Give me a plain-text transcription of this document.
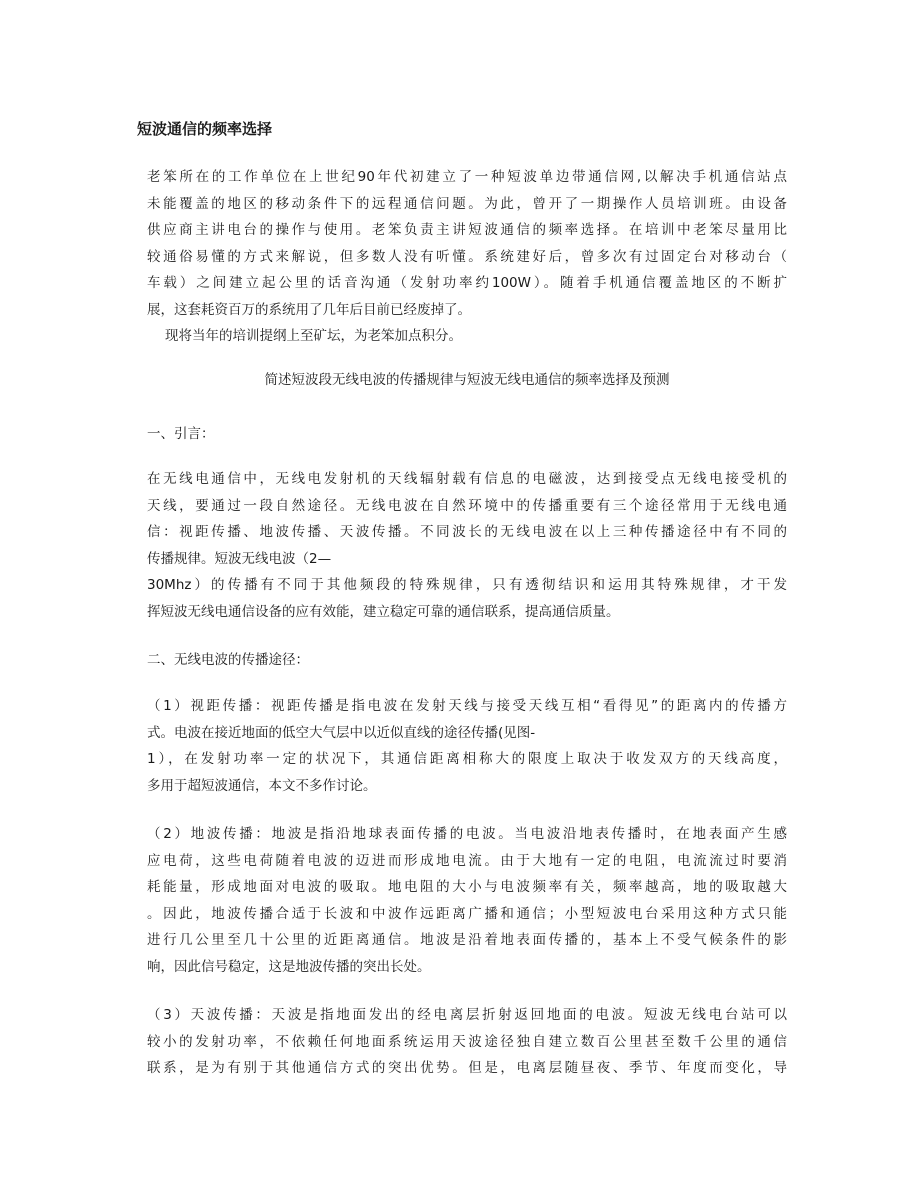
短波通信的频率选择
老笨所在的工作单位在上世纪90年代初建立了一种短波单边带通信网,以解决手机通信站点
未能覆盖的地区的移动条件下的远程通信问题。为此，曾开了一期操作人员培训班。由设备
供应商主讲电台的操作与使用。老笨负责主讲短波通信的频率选择。在培训中老笨尽量用比
较通俗易懂的方式来解说，但多数人没有听懂。系统建好后，曾多次有过固定台对移动台（
车载）之间建立起公里的话音沟通（发射功率约100W）。随着手机通信覆盖地区的不断扩
展，这套耗资百万的系统用了几年后目前已经废掉了。
现将当年的培训提纲上至矿坛，为老笨加点积分。

简述短波段无线电波的传播规律与短波无线电通信的频率选择及预测

一、引言：

在无线电通信中，无线电发射机的天线辐射载有信息的电磁波，达到接受点无线电接受机的
天线，要通过一段自然途径。无线电波在自然环境中的传播重要有三个途径常用于无线电通
信：视距传播、地波传播、天波传播。不同波长的无线电波在以上三种传播途径中有不同的
传播规律。短波无线电波（2—
30Mhz）的传播有不同于其他频段的特殊规律，只有透彻结识和运用其特殊规律，才干发
挥短波无线电通信设备的应有效能，建立稳定可靠的通信联系，提高通信质量。

二、无线电波的传播途径：

（1）视距传播：视距传播是指电波在发射天线与接受天线互相“看得见”的距离内的传播方
式。电波在接近地面的低空大气层中以近似直线的途径传播(见图-
1），在发射功率一定的状况下，其通信距离相称大的限度上取决于收发双方的天线高度，
多用于超短波通信，本文不多作讨论。
（2）地波传播：地波是指沿地球表面传播的电波。当电波沿地表传播时，在地表面产生感
应电荷，这些电荷随着电波的迈进而形成地电流。由于大地有一定的电阻，电流流过时要消
耗能量，形成地面对电波的吸取。地电阻的大小与电波频率有关，频率越高，地的吸取越大
。因此，地波传播合适于长波和中波作远距离广播和通信；小型短波电台采用这种方式只能
进行几公里至几十公里的近距离通信。地波是沿着地表面传播的，基本上不受气候条件的影
响，因此信号稳定，这是地波传播的突出长处。
（3）天波传播：天波是指地面发出的经电离层折射返回地面的电波。短波无线电台站可以
较小的发射功率，不依赖任何地面系统运用天波途径独自建立数百公里甚至数千公里的通信
联系，是为有别于其他通信方式的突出优势。但是，电离层随昼夜、季节、年度而变化，导
